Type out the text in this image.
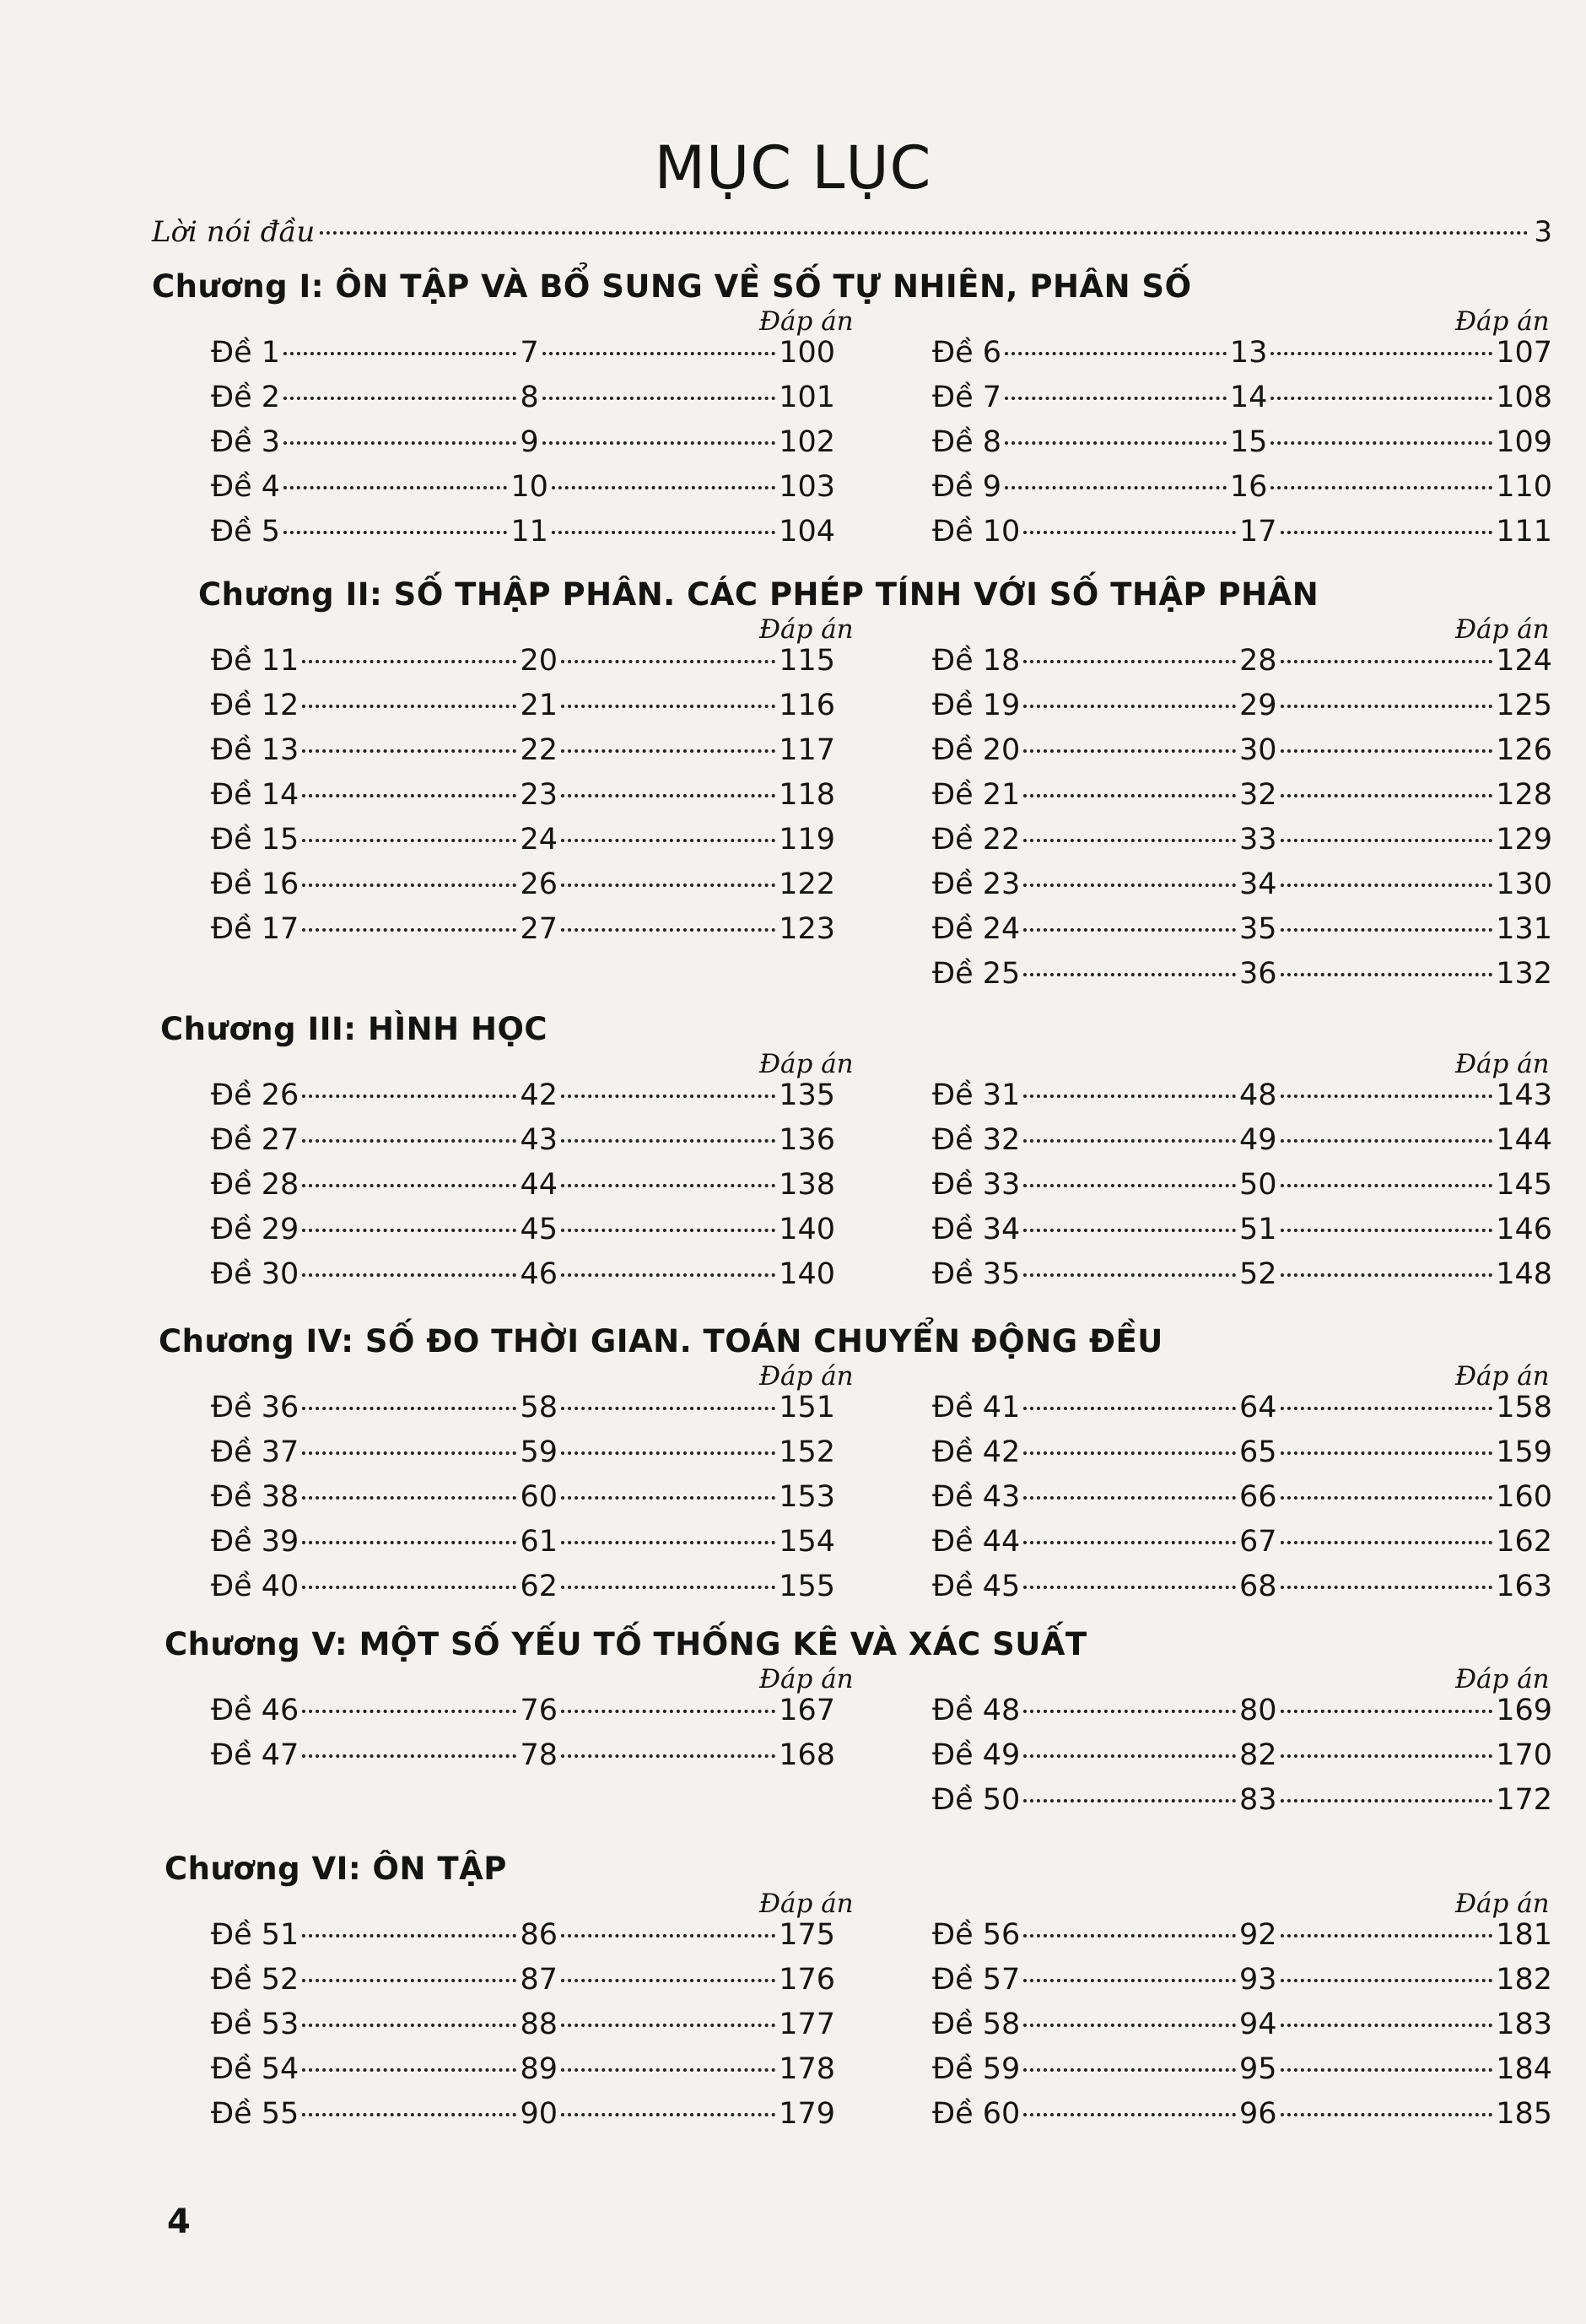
MỤC LỤC
Lời nói đầu	3
Chương I: ÔN TẬP VÀ BỔ SUNG VỀ SỐ TỰ NHIÊN, PHÂN SỐ
Đáp án
Đề 1	7	100
Đề 2	8	101
Đề 3	9	102
Đề 4	10	103
Đề 5	11	104
Đáp án
Đề 6	13	107
Đề 7	14	108
Đề 8	15	109
Đề 9	16	110
Đề 10	17	111
Chương II: SỐ THẬP PHÂN. CÁC PHÉP TÍNH VỚI SỐ THẬP PHÂN
Đáp án
Đề 11	20	115
Đề 12	21	116
Đề 13	22	117
Đề 14	23	118
Đề 15	24	119
Đề 16	26	122
Đề 17	27	123
Đáp án
Đề 18	28	124
Đề 19	29	125
Đề 20	30	126
Đề 21	32	128
Đề 22	33	129
Đề 23	34	130
Đề 24	35	131
Đề 25	36	132
Chương III: HÌNH HỌC
Đáp án
Đề 26	42	135
Đề 27	43	136
Đề 28	44	138
Đề 29	45	140
Đề 30	46	140
Đáp án
Đề 31	48	143
Đề 32	49	144
Đề 33	50	145
Đề 34	51	146
Đề 35	52	148
Chương IV: SỐ ĐO THỜI GIAN. TOÁN CHUYỂN ĐỘNG ĐỀU
Đáp án
Đề 36	58	151
Đề 37	59	152
Đề 38	60	153
Đề 39	61	154
Đề 40	62	155
Đáp án
Đề 41	64	158
Đề 42	65	159
Đề 43	66	160
Đề 44	67	162
Đề 45	68	163
Chương V: MỘT SỐ YẾU TỐ THỐNG KÊ VÀ XÁC SUẤT
Đáp án
Đề 46	76	167
Đề 47	78	168
Đáp án
Đề 48	80	169
Đề 49	82	170
Đề 50	83	172
Chương VI: ÔN TẬP
Đáp án
Đề 51	86	175
Đề 52	87	176
Đề 53	88	177
Đề 54	89	178
Đề 55	90	179
Đáp án
Đề 56	92	181
Đề 57	93	182
Đề 58	94	183
Đề 59	95	184
Đề 60	96	185
4
